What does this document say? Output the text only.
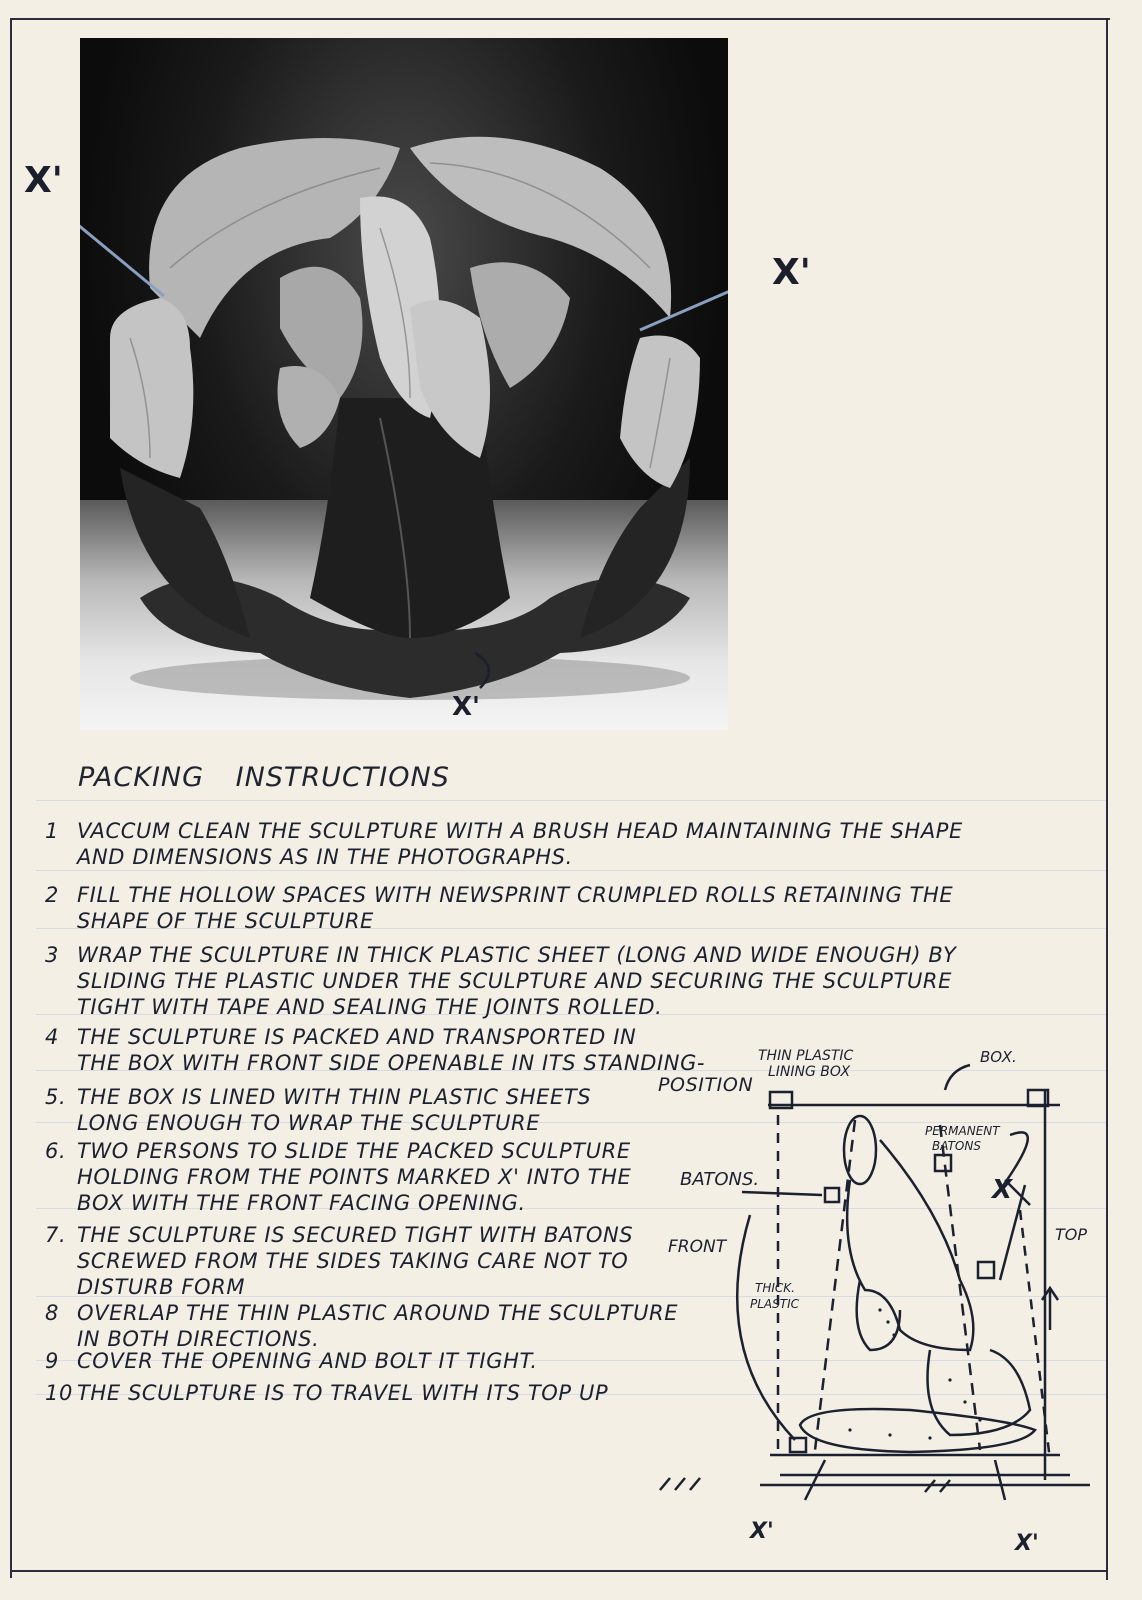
X'
X'
X'
PACKING INSTRUCTIONS
1 VACCUM CLEAN THE SCULPTURE WITH A BRUSH HEAD MAINTAINING THE SHAPE
AND DIMENSIONS AS IN THE PHOTOGRAPHS.
2 FILL THE HOLLOW SPACES WITH NEWSPRINT CRUMPLED ROLLS RETAINING THE
SHAPE OF THE SCULPTURE
3 WRAP THE SCULPTURE IN THICK PLASTIC SHEET (LONG AND WIDE ENOUGH) BY
SLIDING THE PLASTIC UNDER THE SCULPTURE AND SECURING THE SCULPTURE
TIGHT WITH TAPE AND SEALING THE JOINTS ROLLED.
4 THE SCULPTURE IS PACKED AND TRANSPORTED IN
THE BOX WITH FRONT SIDE OPENABLE IN ITS STANDING-
POSITION
5. THE BOX IS LINED WITH THIN PLASTIC SHEETS
LONG ENOUGH TO WRAP THE SCULPTURE
6. TWO PERSONS TO SLIDE THE PACKED SCULPTURE
HOLDING FROM THE POINTS MARKED X' INTO THE
BOX WITH THE FRONT FACING OPENING.
7. THE SCULPTURE IS SECURED TIGHT WITH BATONS
SCREWED FROM THE SIDES TAKING CARE NOT TO
DISTURB FORM
8 OVERLAP THE THIN PLASTIC AROUND THE SCULPTURE
IN BOTH DIRECTIONS.
9 COVER THE OPENING AND BOLT IT TIGHT.
10 THE SCULPTURE IS TO TRAVEL WITH ITS TOP UP
THIN PLASTIC
LINING BOX
BOX.
PERMANENT
BATONS
BATONS.
FRONT
THICK.
PLASTIC
TOP
X'	X'
X
